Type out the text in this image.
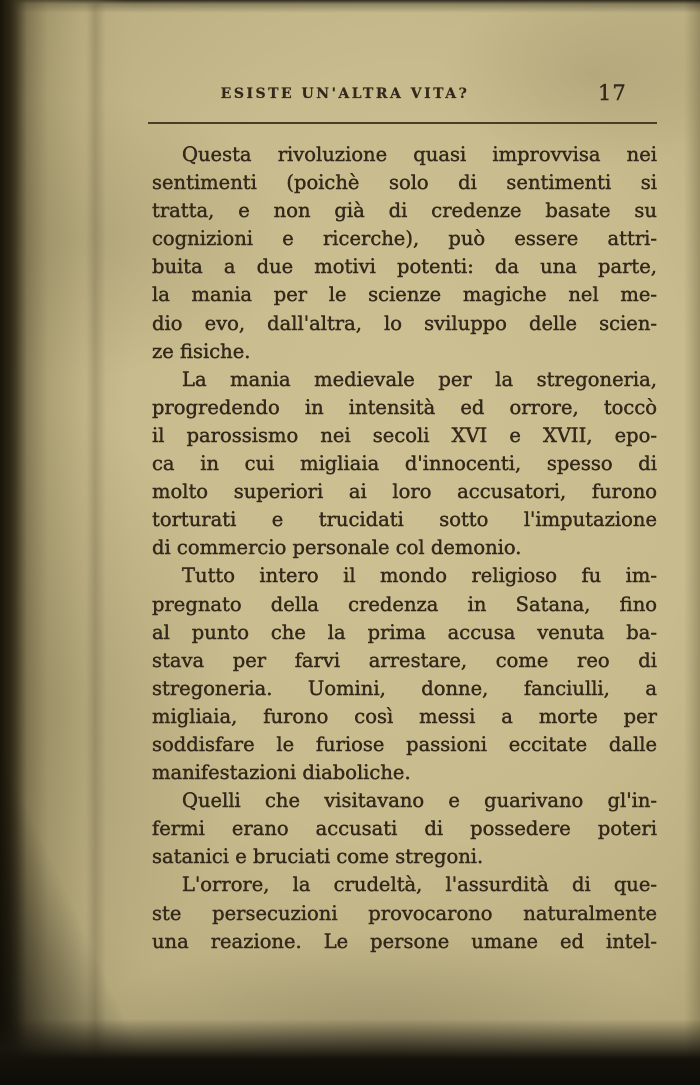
ESISTE UN'ALTRA VITA?	17
Questa rivoluzione quasi improvvisa nei
sentimenti (poichè solo di sentimenti si
tratta, e non già di credenze basate su
cognizioni e ricerche), può essere attri-
buita a due motivi potenti: da una parte,
la mania per le scienze magiche nel me-
dio evo, dall'altra, lo sviluppo delle scien-
ze fisiche.
La mania medievale per la stregoneria,
progredendo in intensità ed orrore, toccò
il parossismo nei secoli XVI e XVII, epo-
ca in cui migliaia d'innocenti, spesso di
molto superiori ai loro accusatori, furono
torturati e trucidati sotto l'imputazione
di commercio personale col demonio.
Tutto intero il mondo religioso fu im-
pregnato della credenza in Satana, fino
al punto che la prima accusa venuta ba-
stava per farvi arrestare, come reo di
stregoneria. Uomini, donne, fanciulli, a
migliaia, furono così messi a morte per
soddisfare le furiose passioni eccitate dalle
manifestazioni diaboliche.
Quelli che visitavano e guarivano gl'in-
fermi erano accusati di possedere poteri
satanici e bruciati come stregoni.
L'orrore, la crudeltà, l'assurdità di que-
ste persecuzioni provocarono naturalmente
una reazione. Le persone umane ed intel-
